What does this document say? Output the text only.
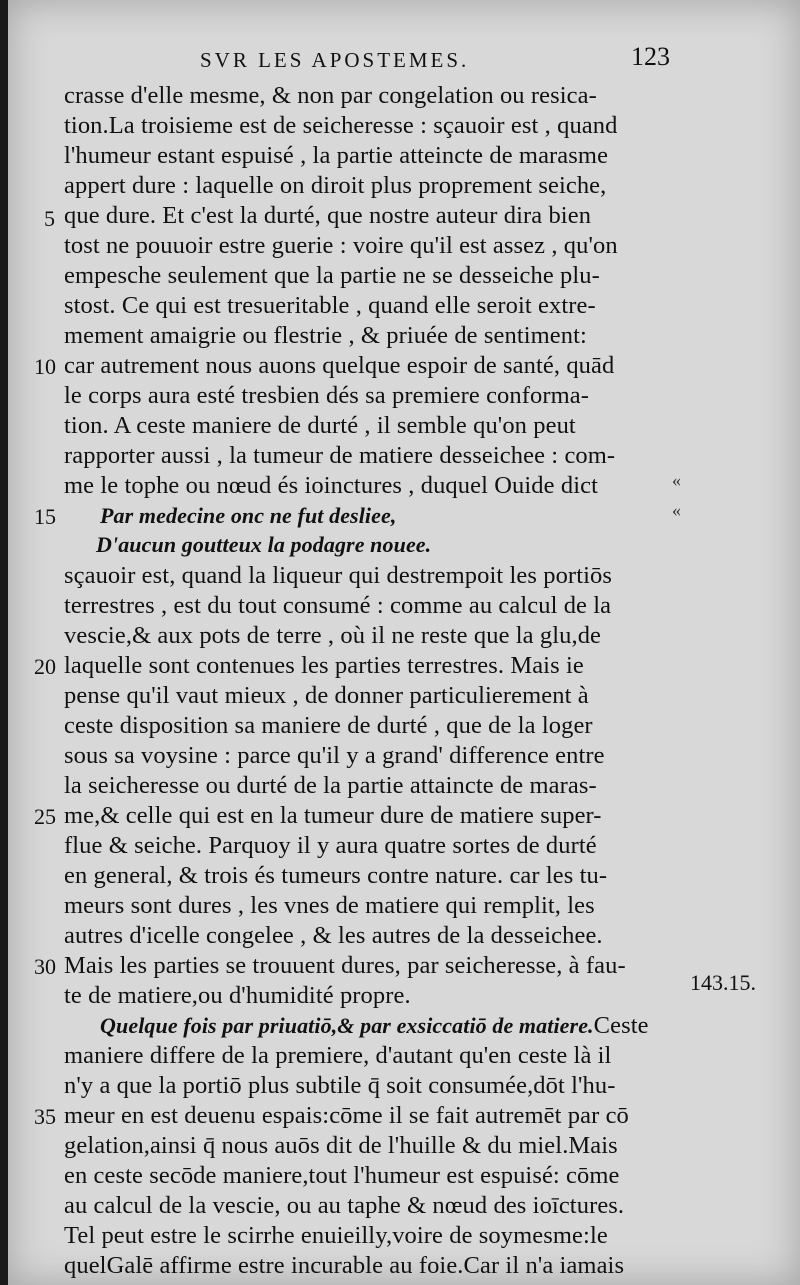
SVR LES APOSTEMES.	123
crasse d'elle mesme, & non par congelation ou resica-
tion.La troisieme est de seicheresse : sçauoir est , quand
l'humeur estant espuisé , la partie atteincte de marasme
appert dure : laquelle on diroit plus proprement seiche,
que dure. Et c'est la durté, que nostre auteur dira bien
tost ne pouuoir estre guerie : voire qu'il est assez , qu'on
empesche seulement que la partie ne se desseiche plu-
stost. Ce qui est tresueritable , quand elle seroit extre-
mement amaigrie ou flestrie , & priuée de sentiment:
car autrement nous auons quelque espoir de santé, quād
le corps aura esté tresbien dés sa premiere conforma-
tion. A ceste maniere de durté , il semble qu'on peut
rapporter aussi , la tumeur de matiere desseichee : com-
me le tophe ou nœud és ioinctures , duquel Ouide dict
Par medecine onc ne fut desliee,
D'aucun goutteux la podagre nouee.
sçauoir est, quand la liqueur qui destrempoit les portiōs
terrestres , est du tout consumé : comme au calcul de la
vescie,& aux pots de terre , où il ne reste que la glu,de
laquelle sont contenues les parties terrestres. Mais ie
pense qu'il vaut mieux , de donner particulierement à
ceste disposition sa maniere de durté , que de la loger
sous sa voysine : parce qu'il y a grand' difference entre
la seicheresse ou durté de la partie attaincte de maras-
me,& celle qui est en la tumeur dure de matiere super-
flue & seiche. Parquoy il y aura quatre sortes de durté
en general, & trois és tumeurs contre nature. car les tu-
meurs sont dures , les vnes de matiere qui remplit, les
autres d'icelle congelee , & les autres de la desseichee.
Mais les parties se trouuent dures, par seicheresse, à fau-
te de matiere,ou d'humidité propre.
Quelque fois par priuatiō,& par exsiccatiō de matiere.Ceste
maniere differe de la premiere, d'autant qu'en ceste là il
n'y a que la portiō plus subtile q̄ soit consumée,dōt l'hu-
meur en est deuenu espais:cōme il se fait autremēt par cō
gelation,ainsi q̄ nous auōs dit de l'huille & du miel.Mais
en ceste secōde maniere,tout l'humeur est espuisé: cōme
au calcul de la vescie, ou au taphe & nœud des ioīctures.
Tel peut estre le scirrhe enuieilly,voire de soymesme:le
quelGalē affirme estre incurable au foie.Car il n'a iamais
5
10
15
20
25
30
35
«
«
143.15.
